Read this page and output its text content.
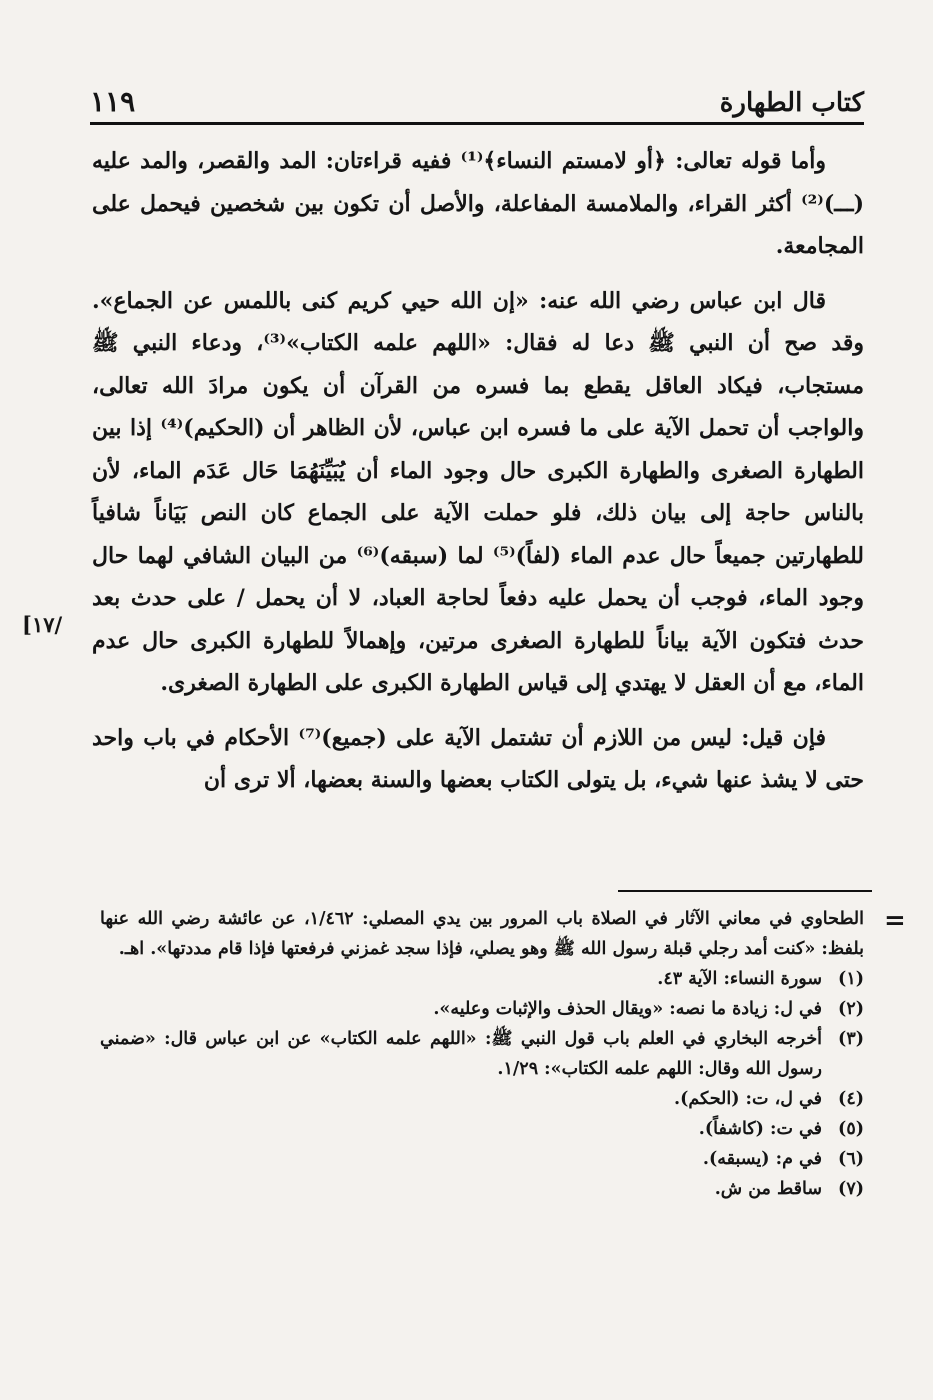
١١٩	كتاب الطهارة
[١٧/

وأما قوله تعالى: ﴿أو لامستم النساء﴾⁽¹⁾ ففيه قراءتان: المد والقصر، والمد عليه (ـــ)⁽²⁾ أكثر القراء، والملامسة المفاعلة، والأصل أن تكون بين شخصين فيحمل على المجامعة.

قال ابن عباس رضي الله عنه: «إن الله حيي كريم كنى باللمس عن الجماع». وقد صح أن النبي ﷺ دعا له فقال: «اللهم علمه الكتاب»⁽³⁾، ودعاء النبي ﷺ مستجاب، فيكاد العاقل يقطع بما فسره من القرآن أن يكون مرادَ الله تعالى، والواجب أن تحمل الآية على ما فسره ابن عباس، لأن الظاهر أن (الحكيم)⁽⁴⁾ إذا بين الطهارة الصغرى والطهارة الكبرى حال وجود الماء أن يُبَيِّنَهُمَا حَال عَدَم الماء، لأن بالناس حاجة إلى بيان ذلك، فلو حملت الآية على الجماع كان النص بَيَاناً شافياً للطهارتين جميعاً حال عدم الماء (لفاً)⁽⁵⁾ لما (سبقه)⁽⁶⁾ من البيان الشافي لهما حال وجود الماء، فوجب أن يحمل عليه دفعاً لحاجة العباد، لا أن يحمل / على حدث بعد حدث فتكون الآية بياناً للطهارة الصغرى مرتين، وإهمالاً للطهارة الكبرى حال عدم الماء، مع أن العقل لا يهتدي إلى قياس الطهارة الكبرى على الطهارة الصغرى.

فإن قيل: ليس من اللازم أن تشتمل الآية على (جميع)⁽⁷⁾ الأحكام في باب واحد حتى لا يشذ عنها شيء، بل يتولى الكتاب بعضها والسنة بعضها، ألا ترى أن

=

الطحاوي في معاني الآثار في الصلاة باب المرور بين يدي المصلي: ١/٤٦٢، عن عائشة رضي الله عنها بلفظ: «كنت أمد رجلي قبلة رسول الله ﷺ وهو يصلي، فإذا سجد غمزني فرفعتها فإذا قام مددتها». اهـ.

(١)
سورة النساء: الآية ٤٣.
(٢)
في ل: زيادة ما نصه: «ويقال الحذف والإثبات وعليه».
(٣)
أخرجه البخاري في العلم باب قول النبي ﷺ: «اللهم علمه الكتاب» عن ابن عباس قال: «ضمني رسول الله وقال: اللهم علمه الكتاب»: ١/٢٩.
(٤)
في ل، ت: (الحكم).
(٥)
في ت: (كاشفاً).
(٦)
في م: (يسبقه).
(٧)
ساقط من ش.
